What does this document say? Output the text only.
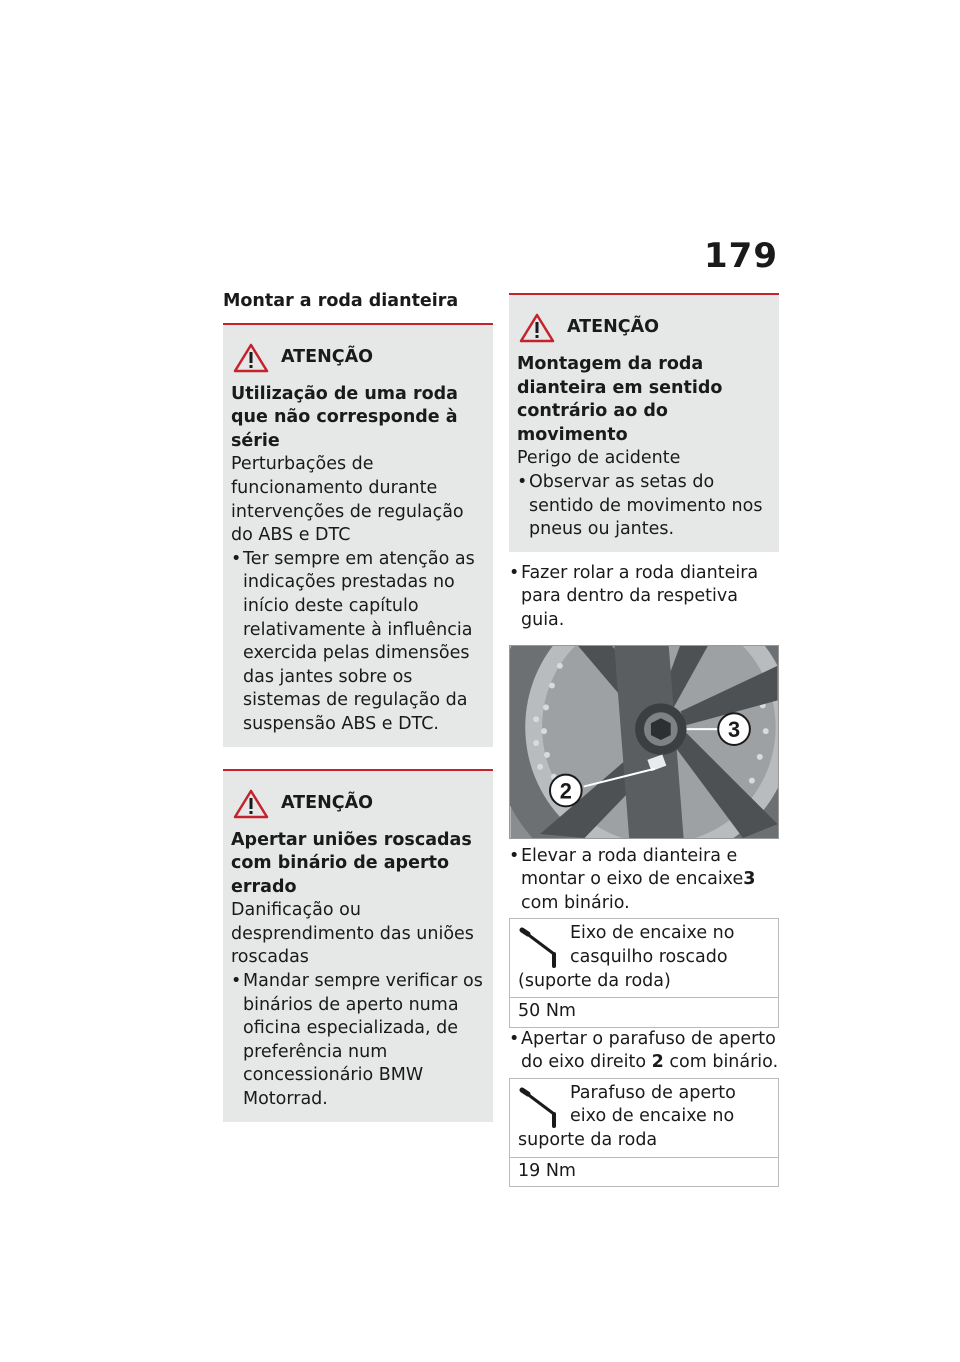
179
Montar a roda dianteira
ATENÇÃO
Utilização de uma roda que não corresponde à série
Perturbações de funcionamento durante intervenções de regulação do ABS e DTC
• Ter sempre em atenção as indicações prestadas no início deste capítulo relativamente à influência exercida pelas dimensões das jantes sobre os sistemas de regulação da suspensão ABS e DTC.
ATENÇÃO
Apertar uniões roscadas com binário de aperto errado
Danificação ou desprendimento das uniões roscadas
• Mandar sempre verificar os binários de aperto numa oficina especializada, de preferência num concessionário BMW Motorrad.
ATENÇÃO
Montagem da roda dianteira em sentido contrário ao do movimento
Perigo de acidente
• Observar as setas do sentido de movimento nos pneus ou jantes.
• Fazer rolar a roda dianteira para dentro da respetiva guia.
3
2
• Elevar a roda dianteira e montar o eixo de encaixe3 com binário.
Eixo de encaixe no casquilho roscado (suporte da roda)
50 Nm
• Apertar o parafuso de aperto do eixo direito 2 com binário.
Parafuso de aperto eixo de encaixe no suporte da roda
19 Nm
